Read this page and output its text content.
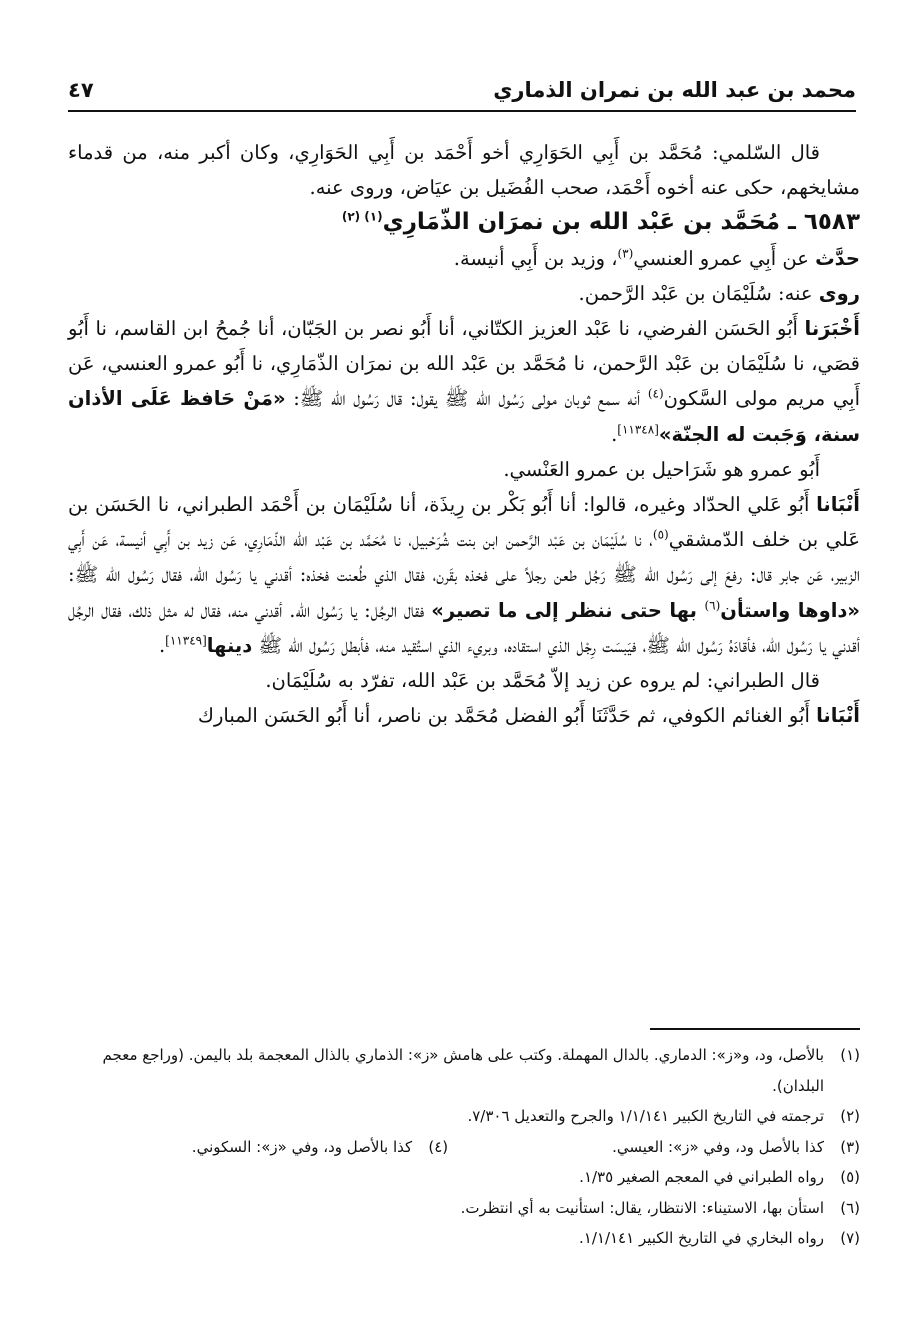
محمد بن عبد الله بن نمران الذماري
٤٧

قال السّلمي: مُحَمَّد بن أَبِي الحَوَارِي أخو أَحْمَد بن أَبِي الحَوَارِي، وكان أكبر منه، من قدماء مشايخهم، حكى عنه أخوه أَحْمَد، صحب الفُضَيل بن عيَاض، وروى عنه.

٦٥٨٣ ـ مُحَمَّد بن عَبْد الله بن نمرَان الذّمَارِي$^{(١) (٢)}$

حدَّث عن أَبِي عمرو العنسي$^{(٣)}$، وزيد بن أَبِي أنيسة.

روى عنه: سُلَيْمَان بن عَبْد الرَّحمن.

أَخْبَرَنا أَبُو الحَسَن الفرضي، نا عَبْد العزيز الكتّاني، أنا أَبُو نصر بن الجَبّان، أنا جُمحُ ابن القاسم، نا أَبُو قصَي، نا سُلَيْمَان بن عَبْد الرَّحمن، نا مُحَمَّد بن عَبْد الله بن نمرَان الذّمَارِي، نا أَبُو عمرو العنسي، عَن أَبِي مريم مولى السَّكون$^{(٤)}$ أنه سمع ثوبان مولى رَسُول الله ﷺ يقول: قال رَسُول الله ﷺ: «مَنْ حَافظ عَلَى الأذان سنة، وَجَبت له الجنّة»[١١٣٤٨].

أَبُو عمرو هو شَرَاحيل بن عمرو العَنْسي.

أَنْبَانا أَبُو عَلي الحدّاد وغيره، قالوا: أنا أَبُو بَكْر بن رِيذَة، أنا سُلَيْمَان بن أَحْمَد الطبراني، نا الحَسَن بن عَلي بن خلف الدّمشقي$^{(٥)}$، نا سُلَيْمَان بن عَبْد الرَّحمن ابن بنت شُرَحْبيل، نا مُحَمَّد بن عَبْد الله الذّمَارِي، عَن زيد بن أَبِي أنيسة، عَن أَبِي الزبير، عَن جابر قال: رفعَ إلى رَسُول الله ﷺ رَجُل طعن رجلاً على فخذه بقَرن، فقال الذي طُعنت فخذه: أقدني يا رَسُول الله، فقال رَسُول الله ﷺ: «داوها واستأن$^{(٦)}$ بها حتى ننظر إلى ما تصير» فقال الرجُل: يا رَسُول الله. أقدني منه، فقال له مثل ذلك، فقال الرجُل أقدني يا رَسُول الله، فأقادَهُ رَسُول الله ﷺ، فيَبسَت رِجْل الذي استقاده، وبريء الذي استُقيد منه، فأبطل رَسُول الله ﷺ دينها[١١٣٤٩].

قال الطبراني: لم يروه عن زيد إلاّ مُحَمَّد بن عَبْد الله، تفرّد به سُلَيْمَان.

أَنْبَانا أَبُو الغنائم الكوفي، ثم حَدَّثَنَا أَبُو الفضل مُحَمَّد بن ناصر، أنا أَبُو الحَسَن المبارك

(١)
بالأصل، ود، و«ز»: الدماري. بالدال المهملة. وكتب على هامش «ز»: الذماري بالذال المعجمة بلد باليمن. (وراجع معجم البلدان).
(٢)
ترجمته في التاريخ الكبير ١/١/١٤١ والجرح والتعديل ٧/٣٠٦.
(٣)
كذا بالأصل ود، وفي «ز»: العيسي.
(٤)
كذا بالأصل ود، وفي «ز»: السكوني.
(٥)
رواه الطبراني في المعجم الصغير ١/٣٥.
(٦)
استأن بها، الاستيناء: الانتظار، يقال: استأنيت به أي انتظرت.
(٧)
رواه البخاري في التاريخ الكبير ١/١/١٤١.
